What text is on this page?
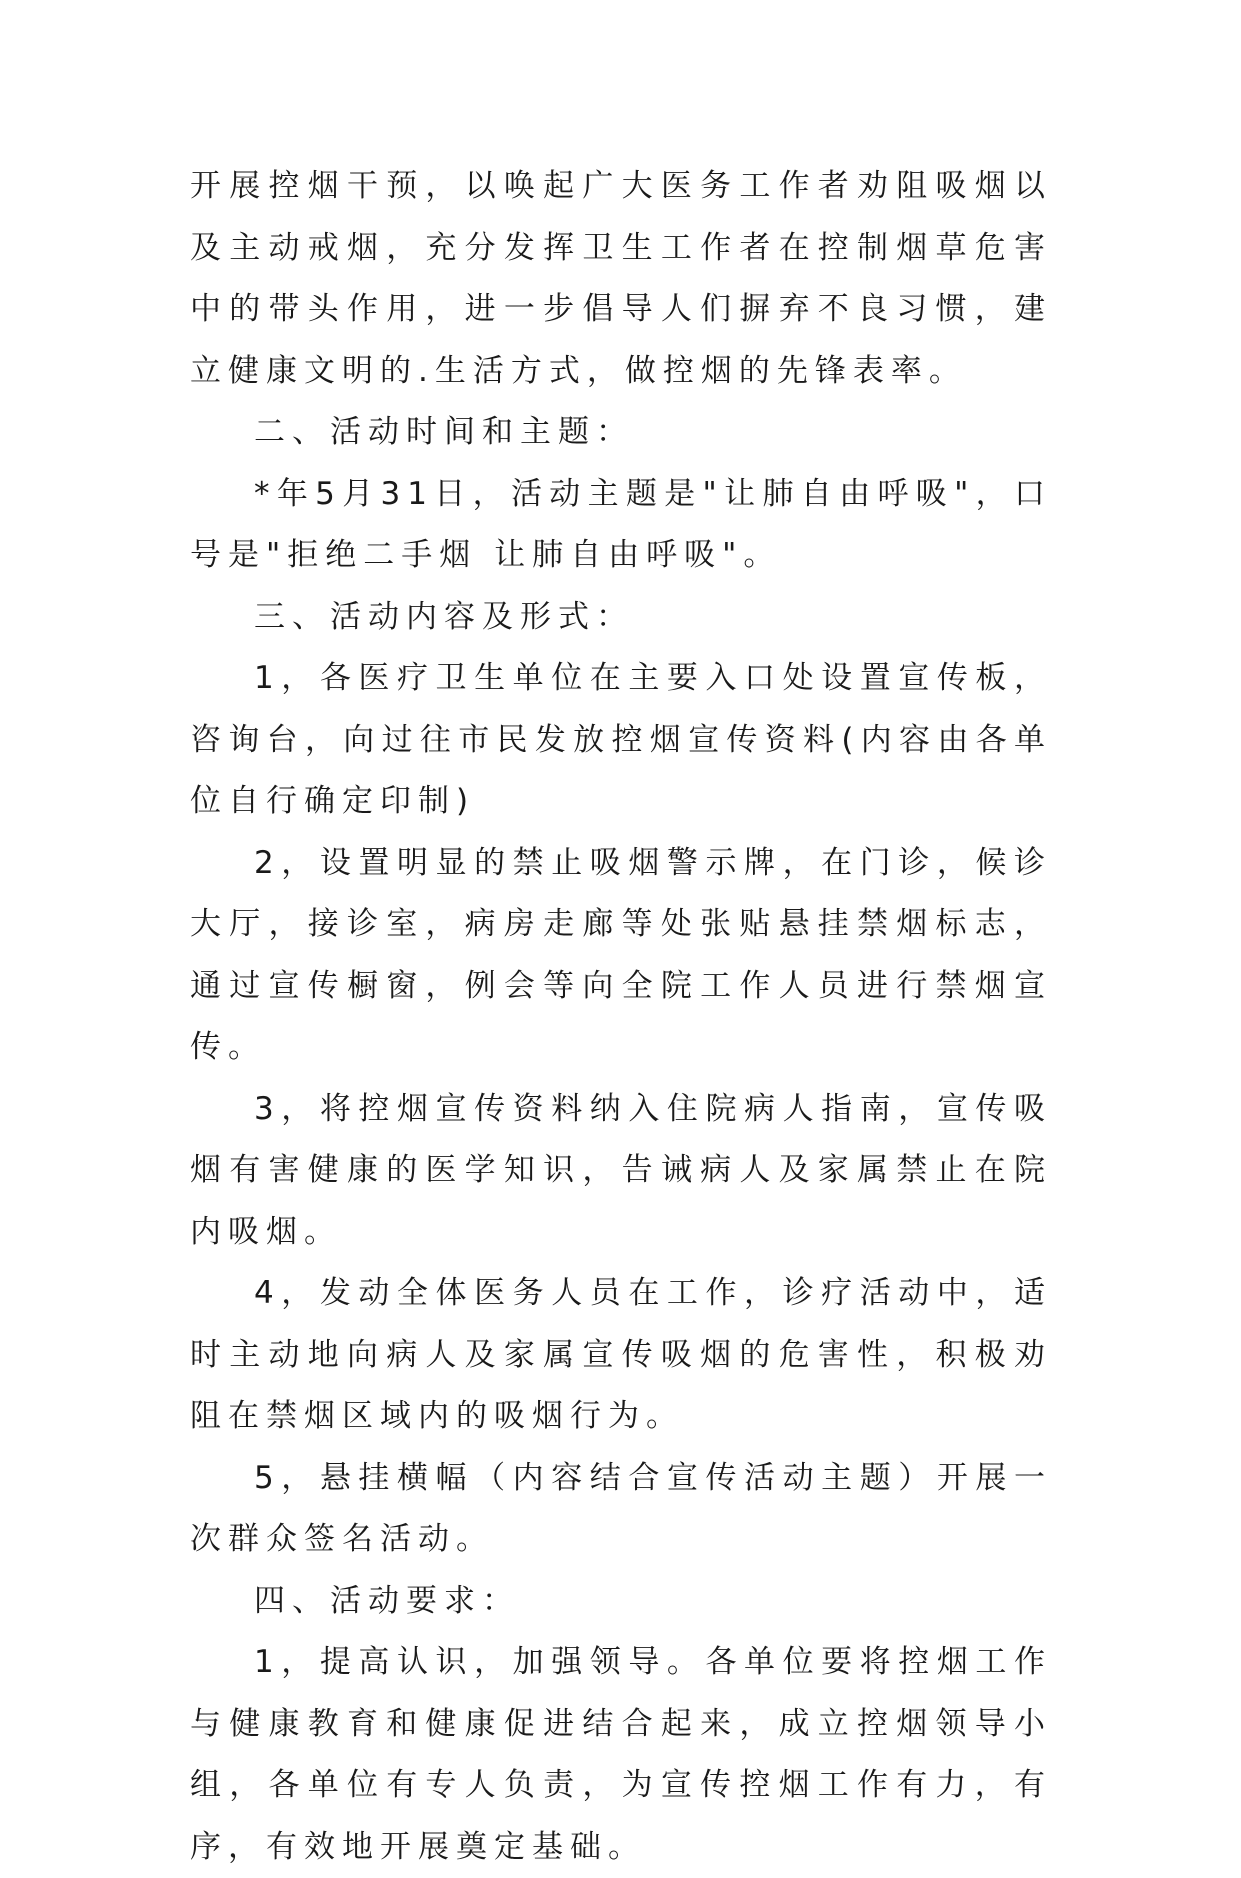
开展控烟干预，以唤起广大医务工作者劝阻吸烟以及主动戒烟，充分发挥卫生工作者在控制烟草危害中的带头作用，进一步倡导人们摒弃不良习惯，建立健康文明的.生活方式，做控烟的先锋表率。

二、活动时间和主题：

*年5月31日，活动主题是"让肺自由呼吸"，口号是"拒绝二手烟 让肺自由呼吸"。

三、活动内容及形式：

1，各医疗卫生单位在主要入口处设置宣传板，咨询台，向过往市民发放控烟宣传资料(内容由各单位自行确定印制)

2，设置明显的禁止吸烟警示牌，在门诊，候诊大厅，接诊室，病房走廊等处张贴悬挂禁烟标志，通过宣传橱窗，例会等向全院工作人员进行禁烟宣传。

3，将控烟宣传资料纳入住院病人指南，宣传吸烟有害健康的医学知识，告诫病人及家属禁止在院内吸烟。

4，发动全体医务人员在工作，诊疗活动中，适时主动地向病人及家属宣传吸烟的危害性，积极劝阻在禁烟区域内的吸烟行为。

5，悬挂横幅（内容结合宣传活动主题）开展一次群众签名活动。

四、活动要求：

1，提高认识，加强领导。各单位要将控烟工作与健康教育和健康促进结合起来，成立控烟领导小组，各单位有专人负责，为宣传控烟工作有力，有序，有效地开展奠定基础。
